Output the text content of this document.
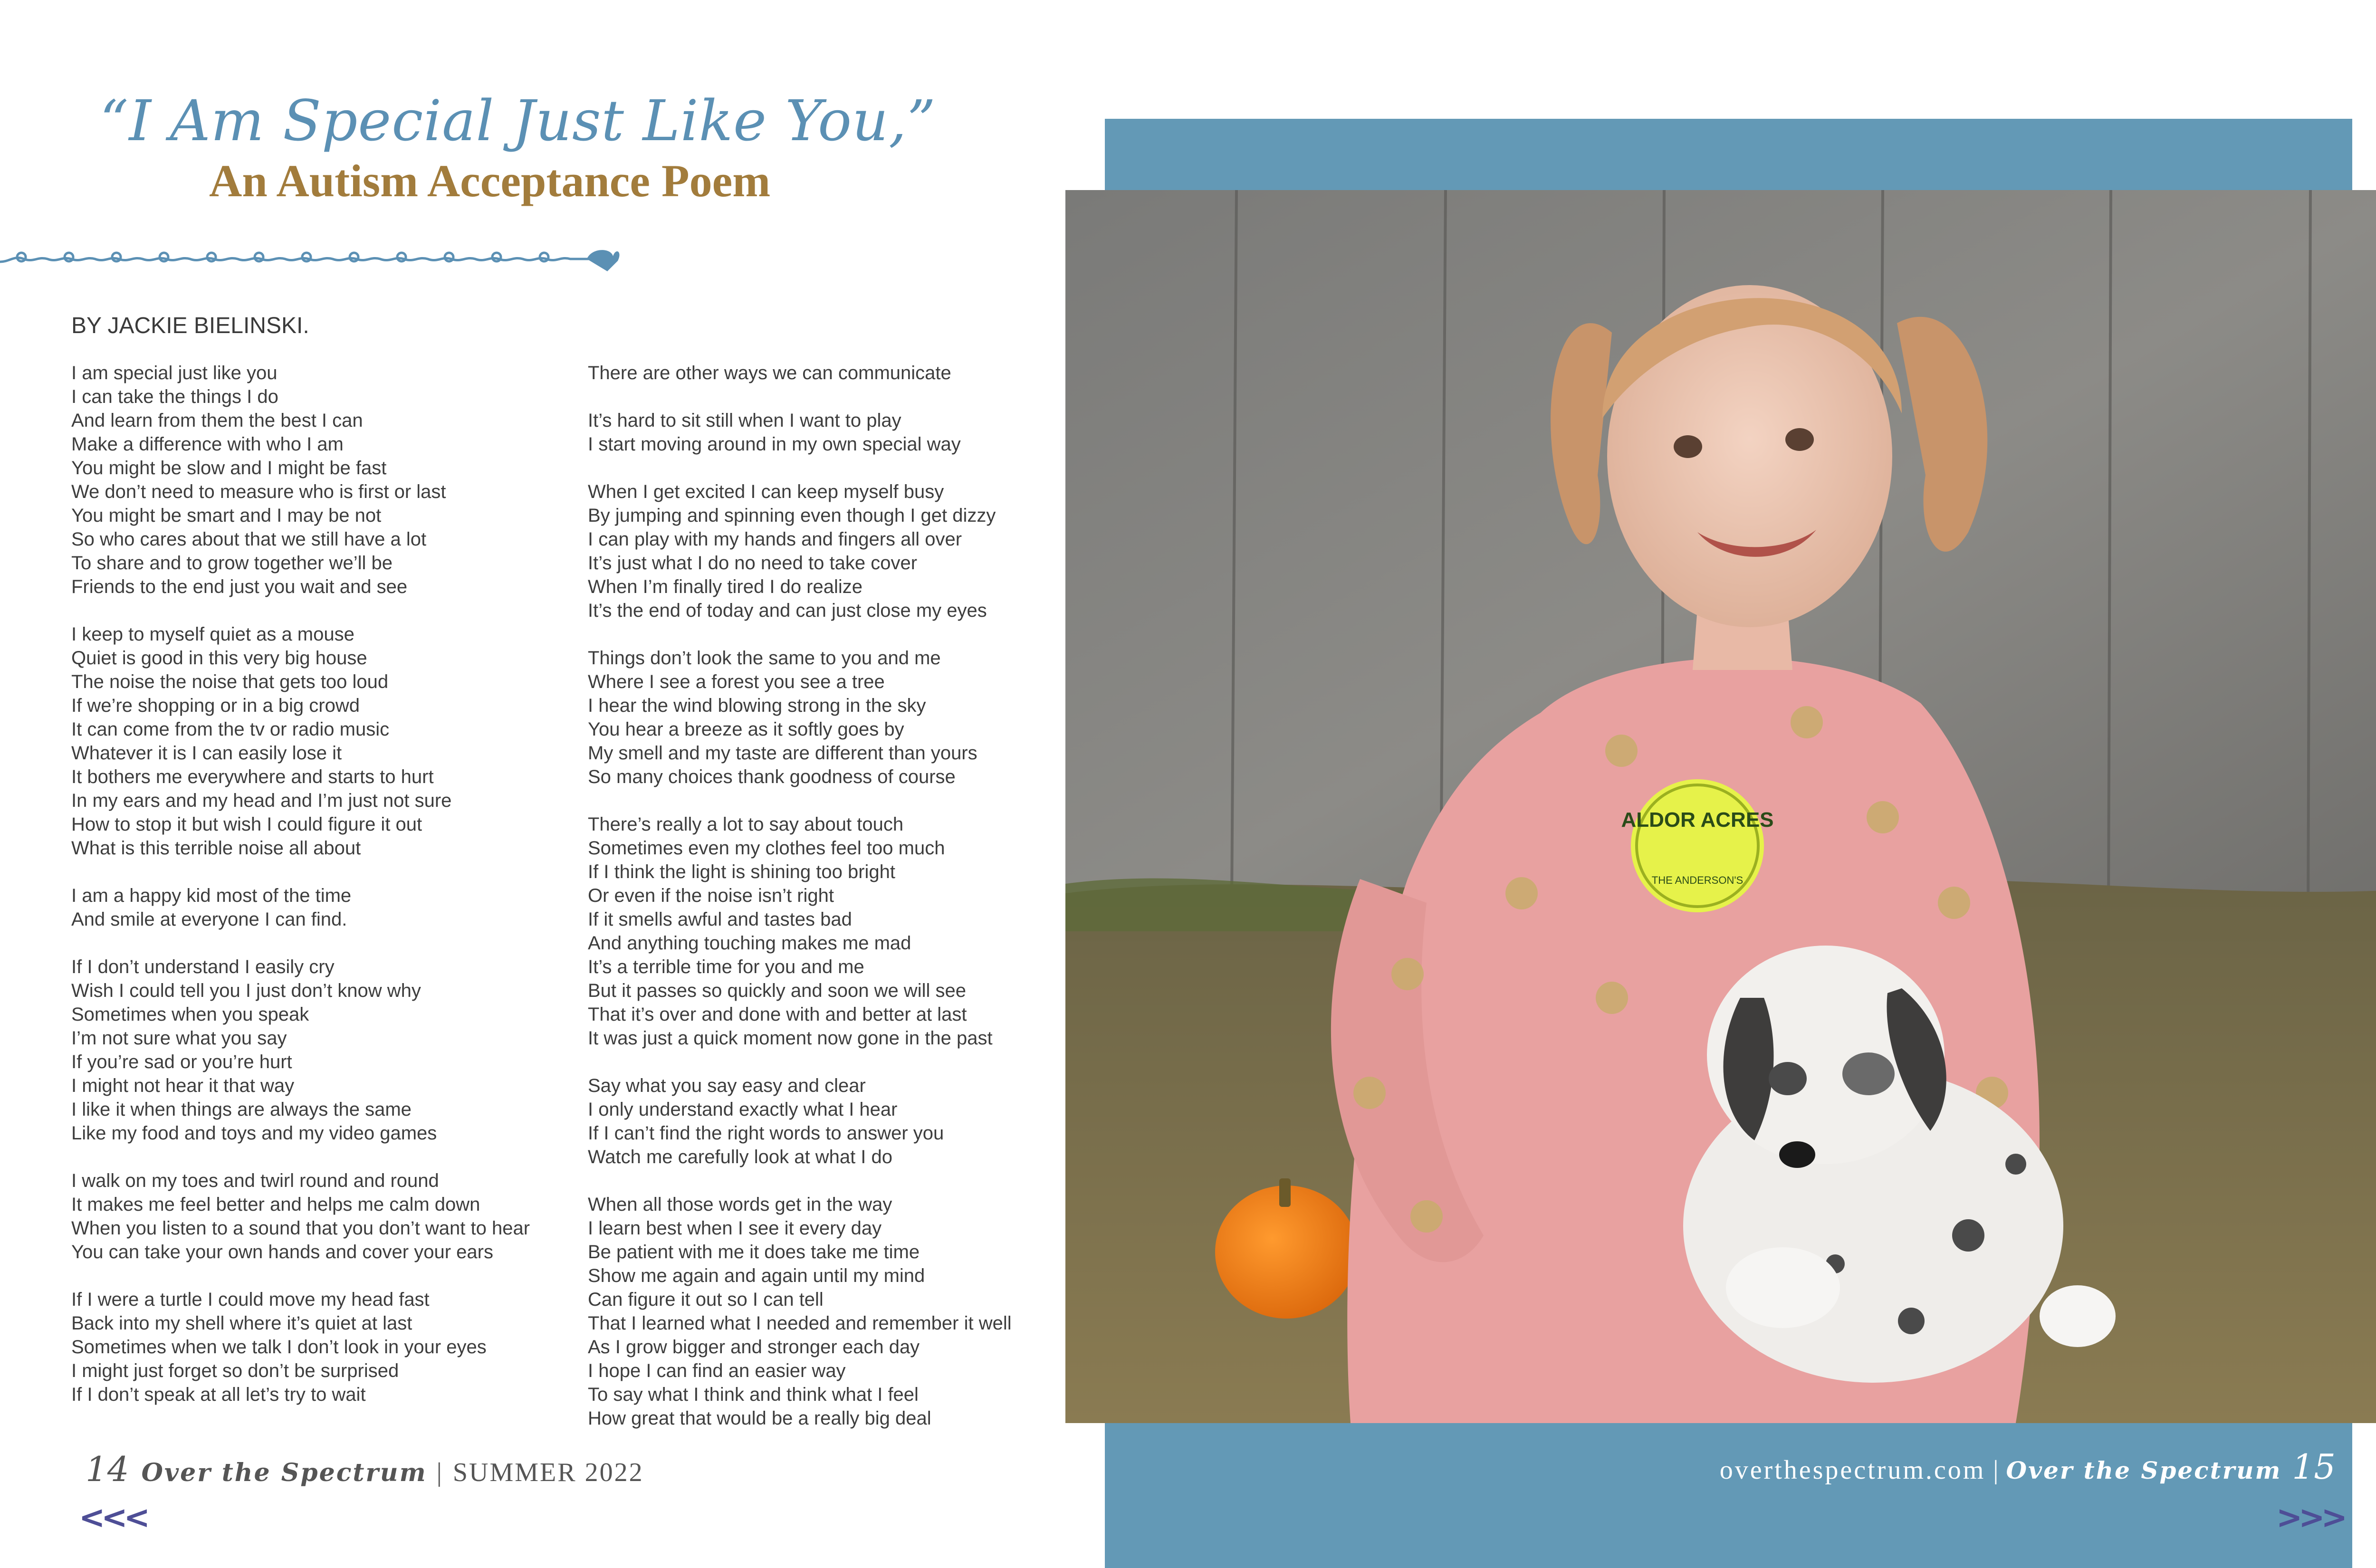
“I Am Special Just Like You,”
An Autism Acceptance Poem
BY JACKIE BIELINSKI.
I am special just like you
I can take the things I do
And learn from them the best I can
Make a difference with who I am
You might be slow and I might be fast
We don’t need to measure who is first or last
You might be smart and I may be not
So who cares about that we still have a lot
To share and to grow together we’ll be
Friends to the end just you wait and see
I keep to myself quiet as a mouse
Quiet is good in this very big house
The noise the noise that gets too loud
If we’re shopping or in a big crowd
It can come from the tv or radio music
Whatever it is I can easily lose it
It bothers me everywhere and starts to hurt
In my ears and my head and I’m just not sure
How to stop it but wish I could figure it out
What is this terrible noise all about
I am a happy kid most of the time
And smile at everyone I can find.
If I don’t understand I easily cry
Wish I could tell you I just don’t know why
Sometimes when you speak
I’m not sure what you say
If you’re sad or you’re hurt
I might not hear it that way
I like it when things are always the same
Like my food and toys and my video games
I walk on my toes and twirl round and round
It makes me feel better and helps me calm down
When you listen to a sound that you don’t want to hear
You can take your own hands and cover your ears
If I were a turtle I could move my head fast
Back into my shell where it’s quiet at last
Sometimes when we talk I don’t look in your eyes
I might just forget so don’t be surprised
If I don’t speak at all let’s try to wait
There are other ways we can communicate
It’s hard to sit still when I want to play
I start moving around in my own special way
When I get excited I can keep myself busy
By jumping and spinning even though I get dizzy
I can play with my hands and fingers all over
It’s just what I do no need to take cover
When I’m finally tired I do realize
It’s the end of today and can just close my eyes
Things don’t look the same to you and me
Where I see a forest you see a tree
I hear the wind blowing strong in the sky
You hear a breeze as it softly goes by
My smell and my taste are different than yours
So many choices thank goodness of course
There’s really a lot to say about touch
Sometimes even my clothes feel too much
If I think the light is shining too bright
Or even if the noise isn’t right
If it smells awful and tastes bad
And anything touching makes me mad
It’s a terrible time for you and me
But it passes so quickly and soon we will see
That it’s over and done with and better at last
It was just a quick moment now gone in the past
Say what you say easy and clear
I only understand exactly what I hear
If I can’t find the right words to answer you
Watch me carefully look at what I do
When all those words get in the way
I learn best when I see it every day
Be patient with me it does take me time
Show me again and again until my mind
Can figure it out so I can tell
That I learned what I needed and remember it well
As I grow bigger and stronger each day
I hope I can find an easier way
To say what I think and think what I feel
How great that would be a really big deal
14 Over the Spectrum | SUMMER 2022
<<<
ALDOR ACRES
THE ANDERSON'S
overthespectrum.com | Over the Spectrum 15
>>>
